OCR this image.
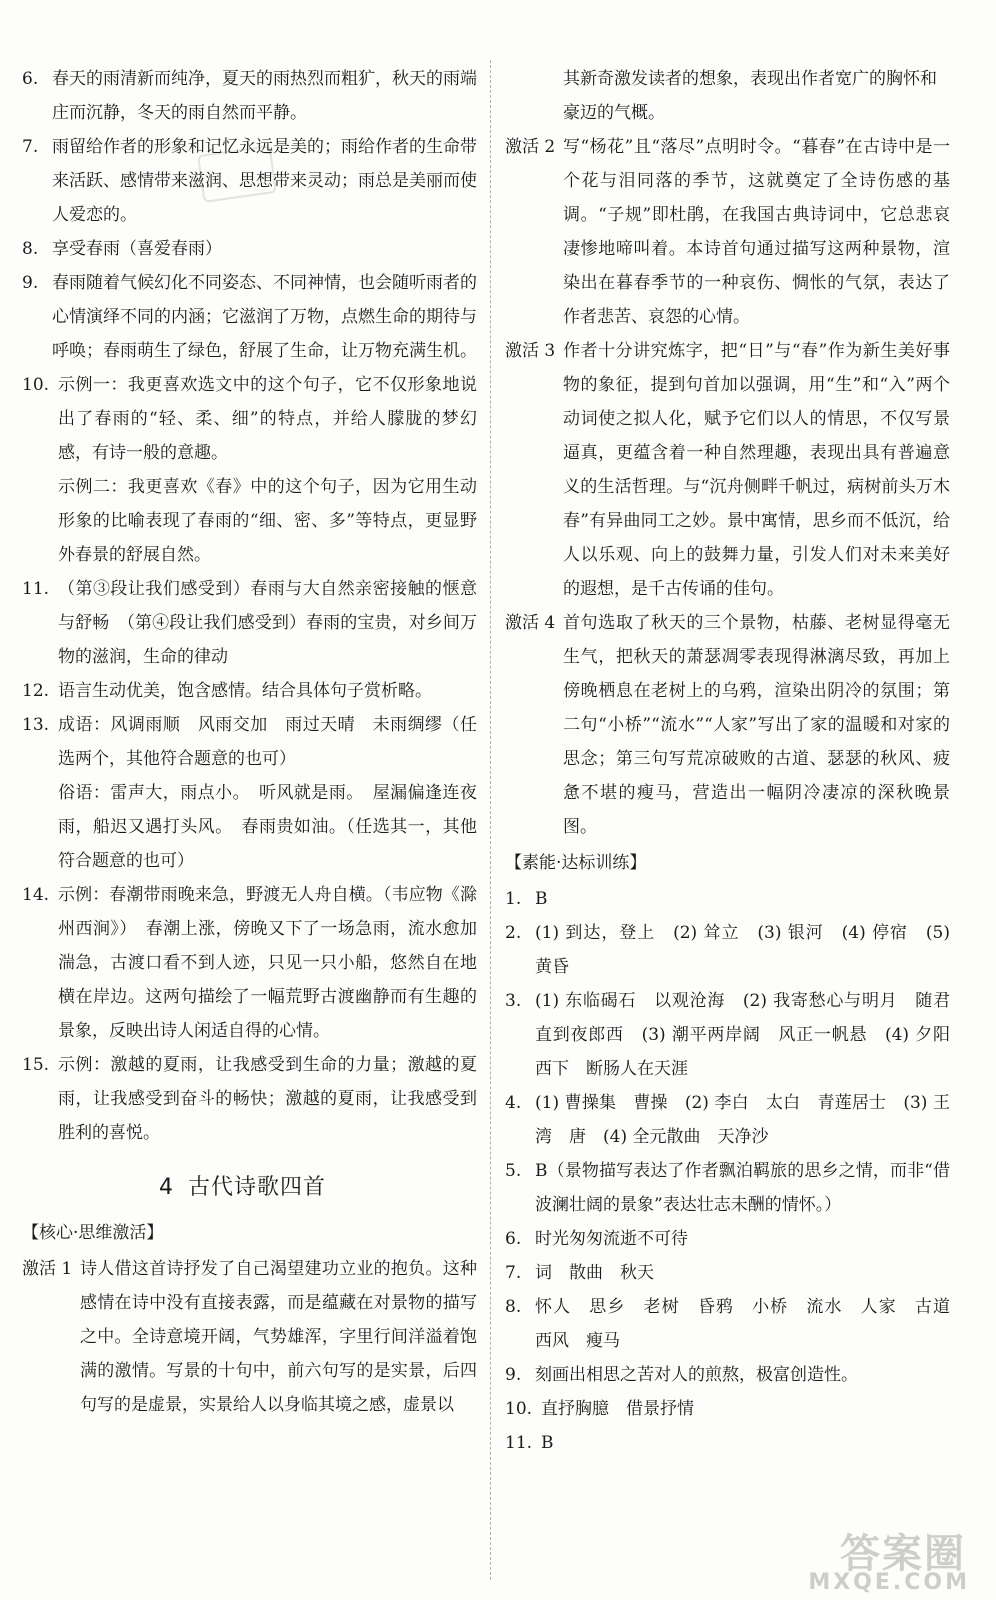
6. 春天的雨清新而纯净，夏天的雨热烈而粗犷，秋天的雨端庄而沉静，冬天的雨自然而平静。
7. 雨留给作者的形象和记忆永远是美的；雨给作者的生命带来活跃、感情带来滋润、思想带来灵动；雨总是美丽而使人爱恋的。
8. 享受春雨（喜爱春雨）
9. 春雨随着气候幻化不同姿态、不同神情，也会随听雨者的心情演绎不同的内涵；它滋润了万物，点燃生命的期待与呼唤；春雨萌生了绿色，舒展了生命，让万物充满生机。
10. 示例一：我更喜欢选文中的这个句子，它不仅形象地说出了春雨的“轻、柔、细”的特点，并给人朦胧的梦幻感，有诗一般的意趣。
示例二：我更喜欢《春》中的这个句子，因为它用生动形象的比喻表现了春雨的“细、密、多”等特点，更显野外春景的舒展自然。
11. （第③段让我们感受到）春雨与大自然亲密接触的惬意与舒畅　（第④段让我们感受到）春雨的宝贵，对乡间万物的滋润，生命的律动
12. 语言生动优美，饱含感情。结合具体句子赏析略。
13. 成语：风调雨顺　风雨交加　雨过天晴　未雨绸缪（任选两个，其他符合题意的也可）
俗语：雷声大，雨点小。　听风就是雨。　屋漏偏逢连夜雨，船迟又遇打头风。　春雨贵如油。（任选其一，其他符合题意的也可）
14. 示例：春潮带雨晚来急，野渡无人舟自横。（韦应物《滁州西涧》）　春潮上涨，傍晚又下了一场急雨，流水愈加湍急，古渡口看不到人迹，只见一只小船，悠然自在地横在岸边。这两句描绘了一幅荒野古渡幽静而有生趣的景象，反映出诗人闲适自得的心情。
15. 示例：激越的夏雨，让我感受到生命的力量；激越的夏雨，让我感受到奋斗的畅快；激越的夏雨，让我感受到胜利的喜悦。
4 古代诗歌四首
【核心·思维激活】
激活 1 诗人借这首诗抒发了自己渴望建功立业的抱负。这种感情在诗中没有直接表露，而是蕴藏在对景物的描写之中。全诗意境开阔，气势雄浑，字里行间洋溢着饱满的激情。写景的十句中，前六句写的是实景，后四句写的是虚景，实景给人以身临其境之感，虚景以
其新奇激发读者的想象，表现出作者宽广的胸怀和豪迈的气概。
激活 2 写“杨花”且“落尽”点明时令。“暮春”在古诗中是一个花与泪同落的季节，这就奠定了全诗伤感的基调。“子规”即杜鹃，在我国古典诗词中，它总悲哀凄惨地啼叫着。本诗首句通过描写这两种景物，渲染出在暮春季节的一种哀伤、惆怅的气氛，表达了作者悲苦、哀怨的心情。
激活 3 作者十分讲究炼字，把“日”与“春”作为新生美好事物的象征，提到句首加以强调，用“生”和“入”两个动词使之拟人化，赋予它们以人的情思，不仅写景逼真，更蕴含着一种自然理趣，表现出具有普遍意义的生活哲理。与“沉舟侧畔千帆过，病树前头万木春”有异曲同工之妙。景中寓情，思乡而不低沉，给人以乐观、向上的鼓舞力量，引发人们对未来美好的遐想，是千古传诵的佳句。
激活 4 首句选取了秋天的三个景物，枯藤、老树显得毫无生气，把秋天的萧瑟凋零表现得淋漓尽致，再加上傍晚栖息在老树上的乌鸦，渲染出阴冷的氛围；第二句“小桥”“流水”“人家”写出了家的温暖和对家的思念；第三句写荒凉破败的古道、瑟瑟的秋风、疲惫不堪的瘦马，营造出一幅阴冷凄凉的深秋晚景图。
【素能·达标训练】
1. B
2. (1) 到达，登上　(2) 耸立　(3) 银河　(4) 停宿　(5) 黄昏
3. (1) 东临碣石　以观沧海　(2) 我寄愁心与明月　随君直到夜郎西　(3) 潮平两岸阔　风正一帆悬　(4) 夕阳西下　断肠人在天涯
4. (1) 曹操集　曹操　(2) 李白　太白　青莲居士　(3) 王湾　唐　(4) 全元散曲　天净沙
5. B（景物描写表达了作者飘泊羁旅的思乡之情，而非“借波澜壮阔的景象”表达壮志未酬的情怀。）
6. 时光匆匆流逝不可待
7. 词　散曲　秋天
8. 怀人　思乡　老树　昏鸦　小桥　流水　人家　古道　西风　瘦马
9. 刻画出相思之苦对人的煎熬，极富创造性。
10. 直抒胸臆　借景抒情
11. B
答案圈
MXQE.COM
